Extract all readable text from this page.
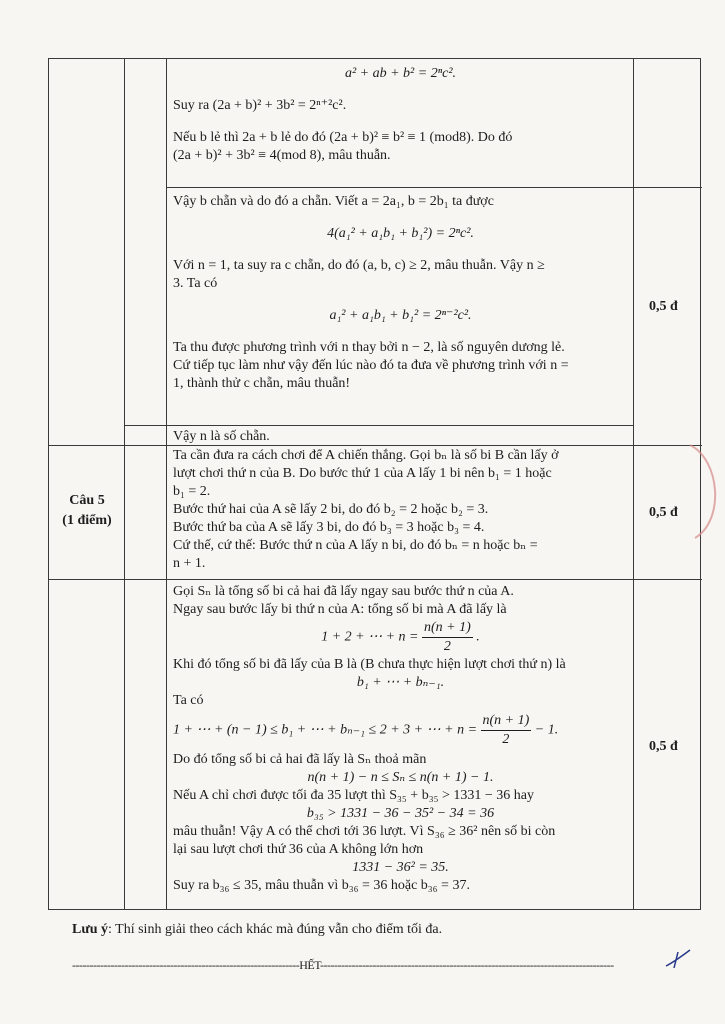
a² + ab + b² = 2ⁿc².

Suy ra (2a + b)² + 3b² = 2ⁿ⁺²c².

Nếu b lẻ thì 2a + b lẻ do đó (2a + b)² ≡ b² ≡ 1 (mod8). Do đó

(2a + b)² + 3b² ≡ 4(mod 8), mâu thuẫn.

Vậy b chẵn và do đó a chẵn. Viết a = 2a₁, b = 2b₁ ta được

4(a₁² + a₁b₁ + b₁²) = 2ⁿc².

Với n = 1, ta suy ra c chẵn, do đó (a, b, c) ≥ 2, mâu thuẫn. Vậy n ≥

3. Ta có

a₁² + a₁b₁ + b₁² = 2ⁿ⁻²c².

Ta thu được phương trình với n thay bởi n − 2, là số nguyên dương lẻ.

Cứ tiếp tục làm như vậy đến lúc nào đó ta đưa về phương trình với n =

1, thành thử c chẵn, mâu thuẫn!

0,5 đ

Vậy n là số chẵn.

Câu 5
(1 điểm)

Ta cần đưa ra cách chơi để A chiến thắng. Gọi bₙ là số bi B cần lấy ở

lượt chơi thứ n của B. Do bước thứ 1 của A lấy 1 bi nên b₁ = 1 hoặc

b₁ = 2.

Bước thứ hai của A sẽ lấy 2 bi, do đó b₂ = 2 hoặc b₂ = 3.

Bước thứ ba của A sẽ lấy 3 bi, do đó b₃ = 3 hoặc b₃ = 4.

Cứ thế, cứ thế: Bước thứ n của A lấy n bi, do đó bₙ = n hoặc bₙ =

n + 1.

0,5 đ

Gọi Sₙ là tổng số bi cả hai đã lấy ngay sau bước thứ n của A.

Ngay sau bước lấy bi thứ n của A: tổng số bi mà A đã lấy là

1 + 2 + ⋯ + $n = \frac{n(n + 1)}{2}$ .

Khi đó tổng số bi đã lấy của B là (B chưa thực hiện lượt chơi thứ n) là

b₁ + ⋯ + bₙ₋₁.

Ta có

1 + ⋯ + (n − 1) ≤ b₁ + ⋯ + bₙ₋₁ ≤ 2 + 3 + ⋯ + $n = \frac{n(n + 1)}{2} - 1$.

Do đó tổng số bi cả hai đã lấy là Sₙ thoả mãn

n(n + 1) − n ≤ Sₙ ≤ n(n + 1) − 1.

Nếu A chỉ chơi được tối đa 35 lượt thì S₃₅ + b₃₅ > 1331 − 36 hay

b₃₅ > 1331 − 36 − 35² − 34 = 36

mâu thuẫn! Vậy A có thể chơi tới 36 lượt. Vì S₃₆ ≥ 36² nên số bi còn

lại sau lượt chơi thứ 36 của A không lớn hơn

1331 − 36² = 35.

Suy ra b₃₆ ≤ 35, mâu thuẫn vì b₃₆ = 36 hoặc b₃₆ = 37.

0,5 đ
Lưu ý: Thí sinh giải theo cách khác mà đúng vẫn cho điểm tối đa.
-----------------------------------------------------------------HẾT------------------------------------------------------------------------------------
